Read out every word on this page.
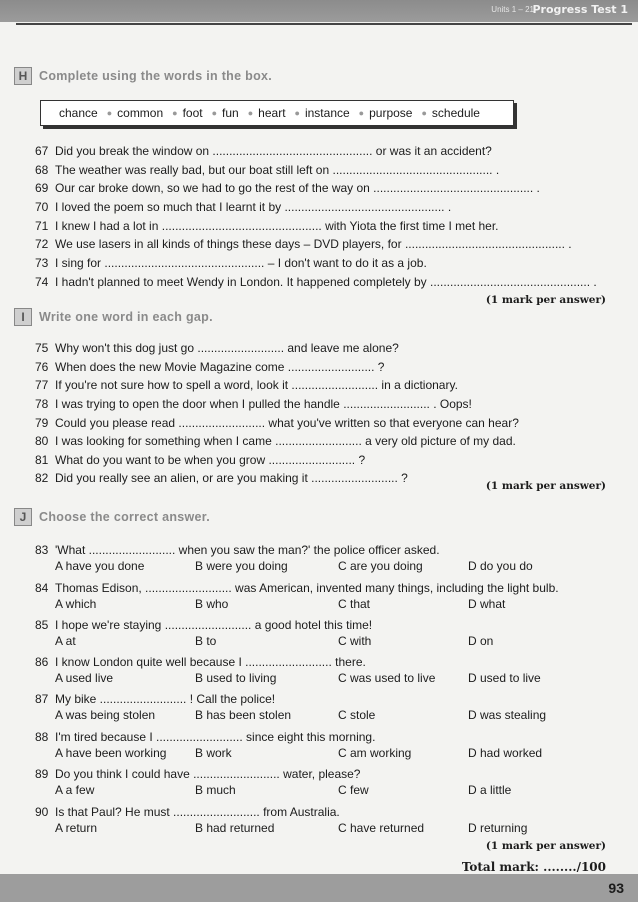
Units 1 – 21
Progress Test 1
H Complete using the words in the box.
chance ● common ● foot ● fun ● heart ● instance ● purpose ● schedule
67 Did you break the window on ................................................ or was it an accident?
68 The weather was really bad, but our boat still left on ................................................ .
69 Our car broke down, so we had to go the rest of the way on ................................................ .
70 I loved the poem so much that I learnt it by ................................................ .
71 I knew I had a lot in ................................................ with Yiota the first time I met her.
72 We use lasers in all kinds of things these days – DVD players, for ................................................ .
73 I sing for ................................................ – I don't want to do it as a job.
74 I hadn't planned to meet Wendy in London. It happened completely by ................................................ .
(1 mark per answer)
I	Write one word in each gap.
75 Why won't this dog just go .......................... and leave me alone?
76 When does the new Movie Magazine come .......................... ?
77 If you're not sure how to spell a word, look it .......................... in a dictionary.
78 I was trying to open the door when I pulled the handle .......................... . Oops!
79 Could you please read .......................... what you've written so that everyone can hear?
80 I was looking for something when I came .......................... a very old picture of my dad.
81 What do you want to be when you grow .......................... ?
82 Did you really see an alien, or are you making it .......................... ?
(1 mark per answer)
J	Choose the correct answer.
83 'What .......................... when you saw the man?' the police officer asked.
A have you done	B were you doing	C are you doing	D do you do
84 Thomas Edison, .......................... was American, invented many things, including the light bulb.
A which	B who	C that	D what
85 I hope we're staying .......................... a good hotel this time!
A at	B to	C with	D on
86 I know London quite well because I .......................... there.
A used live	B used to living	C was used to live	D used to live
87 My bike .......................... ! Call the police!
A was being stolen	B has been stolen	C stole	D was stealing
88 I'm tired because I .......................... since eight this morning.
A have been working B work	C am working	D had worked
89 Do you think I could have .......................... water, please?
A a few	B much	C few	D a little
90 Is that Paul? He must .......................... from Australia.
A return	B had returned	C have returned	D returning
(1 mark per answer)
Total mark: ......../100
93
